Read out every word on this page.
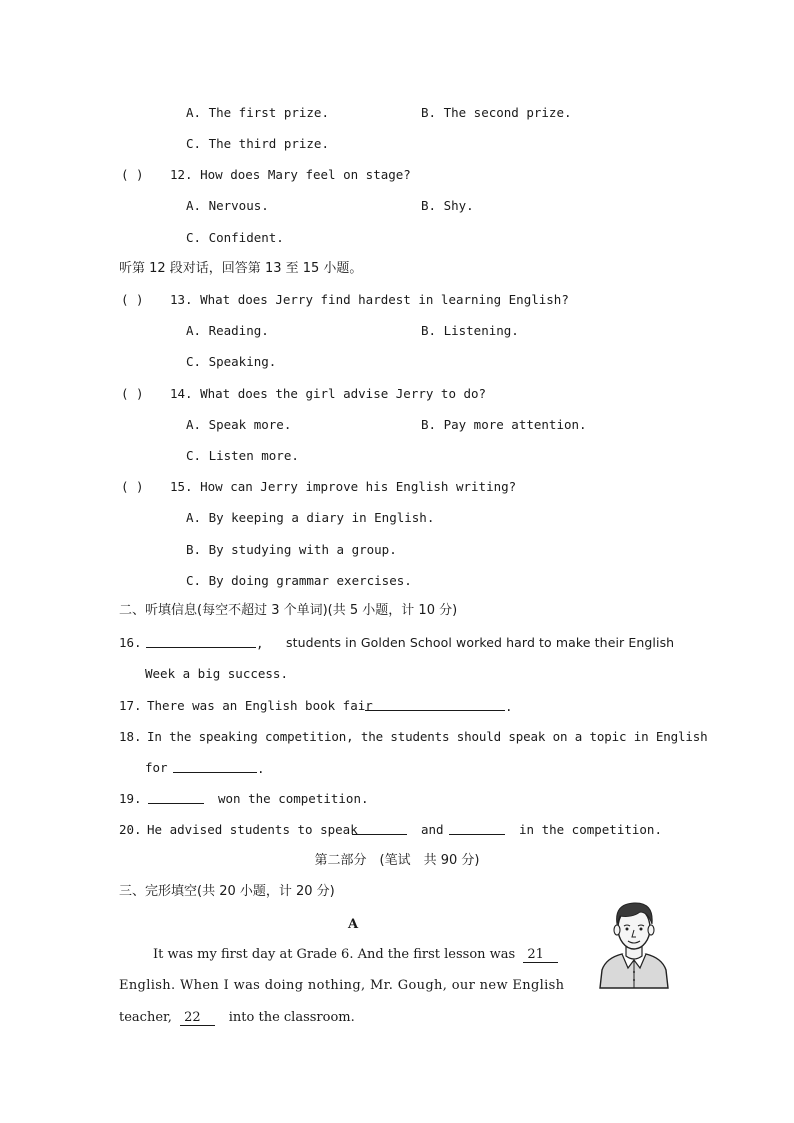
A. The first prize.	B. The second prize.
C. The third prize.
( ) 12. How does Mary feel on stage?
A. Nervous.	B. Shy.
C. Confident.
听第 12 段对话，回答第 13 至 15 小题。
( ) 13. What does Jerry find hardest in learning English?
A. Reading.	B. Listening.
C. Speaking.
( ) 14. What does the girl advise Jerry to do?
A. Speak more.	B. Pay more attention.
C. Listen more.
( ) 15. How can Jerry improve his English writing?
A. By keeping a diary in English.
B. By studying with a group.
C. By doing grammar exercises.
二、听填信息(每空不超过 3 个单词)(共 5 小题，计 10 分)
16.	, students in Golden School worked hard to make their English
Week a big success.
17. There was an English book fair	.
18. In the speaking competition, the students should speak on a topic in English
for	.
19.	won the competition.
20. He advised students to speak	and	in the competition.
第二部分　(笔试　共 90 分)
三、完形填空(共 20 小题，计 20 分)
A
It was my first day at Grade 6. And the first lesson was 21
English. When I was doing nothing, Mr. Gough, our new English
teacher, 22 into the classroom.
